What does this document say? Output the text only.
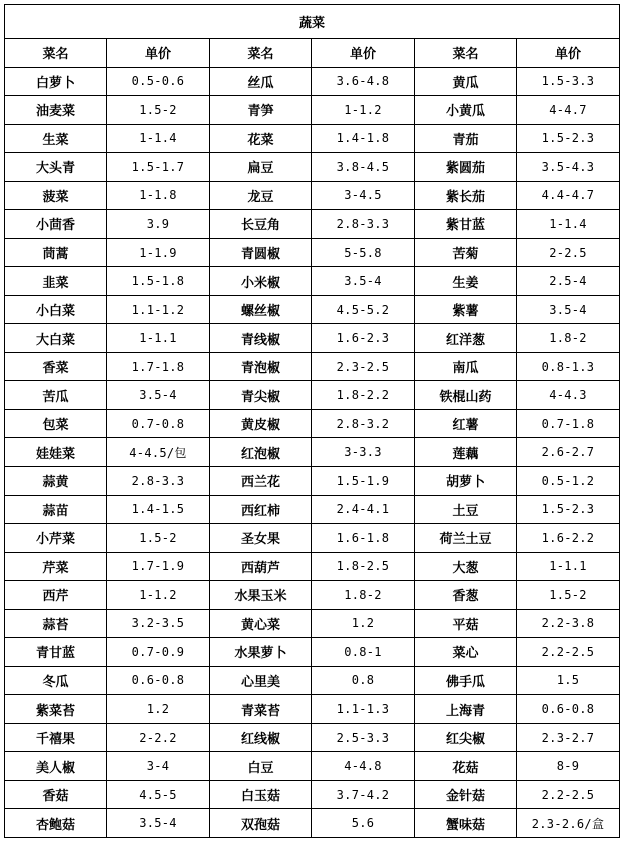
蔬菜					
菜名	单价	菜名	单价	菜名	单价
白萝卜	0.5-0.6	丝瓜	3.6-4.8	黄瓜	1.5-3.3
油麦菜	1.5-2	青笋	1-1.2	小黄瓜	4-4.7
生菜	1-1.4	花菜	1.4-1.8	青茄	1.5-2.3
大头青	1.5-1.7	扁豆	3.8-4.5	紫圆茄	3.5-4.3
菠菜	1-1.8	龙豆	3-4.5	紫长茄	4.4-4.7
小茴香	3.9	长豆角	2.8-3.3	紫甘蓝	1-1.4
茼蒿	1-1.9	青圆椒	5-5.8	苦菊	2-2.5
韭菜	1.5-1.8	小米椒	3.5-4	生姜	2.5-4
小白菜	1.1-1.2	螺丝椒	4.5-5.2	紫薯	3.5-4
大白菜	1-1.1	青线椒	1.6-2.3	红洋葱	1.8-2
香菜	1.7-1.8	青泡椒	2.3-2.5	南瓜	0.8-1.3
苦瓜	3.5-4	青尖椒	1.8-2.2	铁棍山药	4-4.3
包菜	0.7-0.8	黄皮椒	2.8-3.2	红薯	0.7-1.8
娃娃菜	4-4.5/包	红泡椒	3-3.3	莲藕	2.6-2.7
蒜黄	2.8-3.3	西兰花	1.5-1.9	胡萝卜	0.5-1.2
蒜苗	1.4-1.5	西红柿	2.4-4.1	土豆	1.5-2.3
小芹菜	1.5-2	圣女果	1.6-1.8	荷兰土豆	1.6-2.2
芹菜	1.7-1.9	西葫芦	1.8-2.5	大葱	1-1.1
西芹	1-1.2	水果玉米	1.8-2	香葱	1.5-2
蒜苔	3.2-3.5	黄心菜	1.2	平菇	2.2-3.8
青甘蓝	0.7-0.9	水果萝卜	0.8-1	菜心	2.2-2.5
冬瓜	0.6-0.8	心里美	0.8	佛手瓜	1.5
紫菜苔	1.2	青菜苔	1.1-1.3	上海青	0.6-0.8
千禧果	2-2.2	红线椒	2.5-3.3	红尖椒	2.3-2.7
美人椒	3-4	白豆	4-4.8	花菇	8-9
香菇	4.5-5	白玉菇	3.7-4.2	金针菇	2.2-2.5
杏鲍菇	3.5-4	双孢菇	5.6	蟹味菇	2.3-2.6/盒
